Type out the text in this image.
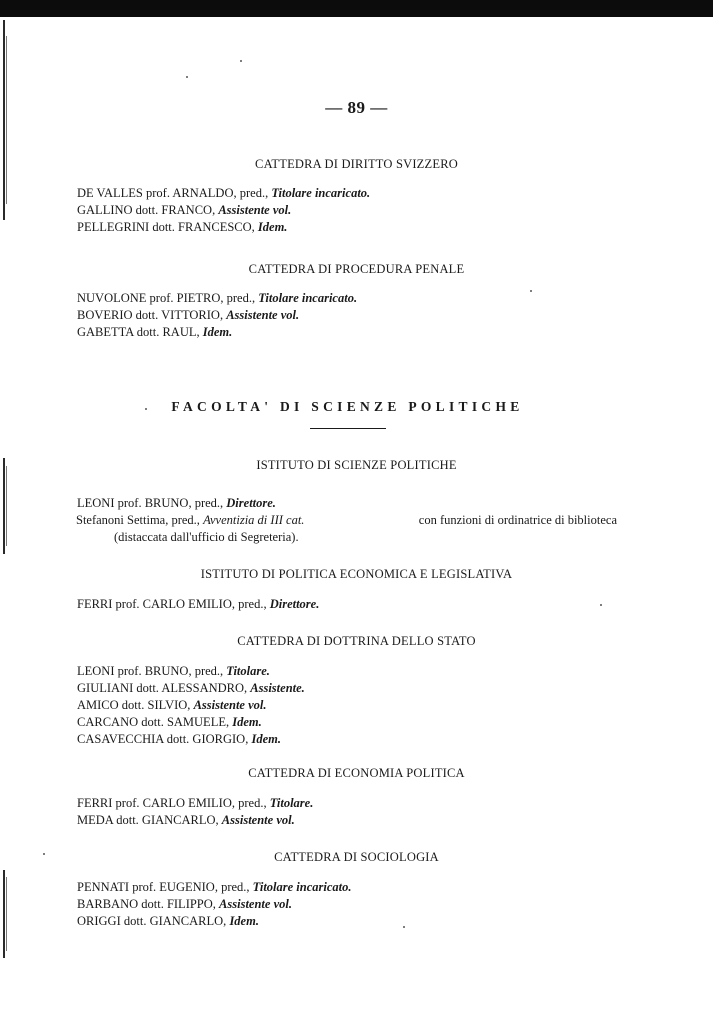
— 89 —
CATTEDRA DI DIRITTO SVIZZERO
DE VALLES prof. ARNALDO, pred., Titolare incaricato.
GALLINO dott. FRANCO, Assistente vol.
PELLEGRINI dott. FRANCESCO, Idem.
CATTEDRA DI PROCEDURA PENALE
NUVOLONE prof. PIETRO, pred., Titolare incaricato.
BOVERIO dott. VITTORIO, Assistente vol.
GABETTA dott. RAUL, Idem.
FACOLTA' DI SCIENZE POLITICHE
ISTITUTO DI SCIENZE POLITICHE
LEONI prof. BRUNO, pred., Direttore.
Stefanoni Settima, pred., Avventizia di III cat.	con funzioni di ordinatrice di biblioteca
(distaccata dall'ufficio di Segreteria).
ISTITUTO DI POLITICA ECONOMICA E LEGISLATIVA
FERRI prof. CARLO EMILIO, pred., Direttore.
CATTEDRA DI DOTTRINA DELLO STATO
LEONI prof. BRUNO, pred., Titolare.
GIULIANI dott. ALESSANDRO, Assistente.
AMICO dott. SILVIO, Assistente vol.
CARCANO dott. SAMUELE, Idem.
CASAVECCHIA dott. GIORGIO, Idem.
CATTEDRA DI ECONOMIA POLITICA
FERRI prof. CARLO EMILIO, pred., Titolare.
MEDA dott. GIANCARLO, Assistente vol.
CATTEDRA DI SOCIOLOGIA
PENNATI prof. EUGENIO, pred., Titolare incaricato.
BARBANO dott. FILIPPO, Assistente vol.
ORIGGI dott. GIANCARLO, Idem.
